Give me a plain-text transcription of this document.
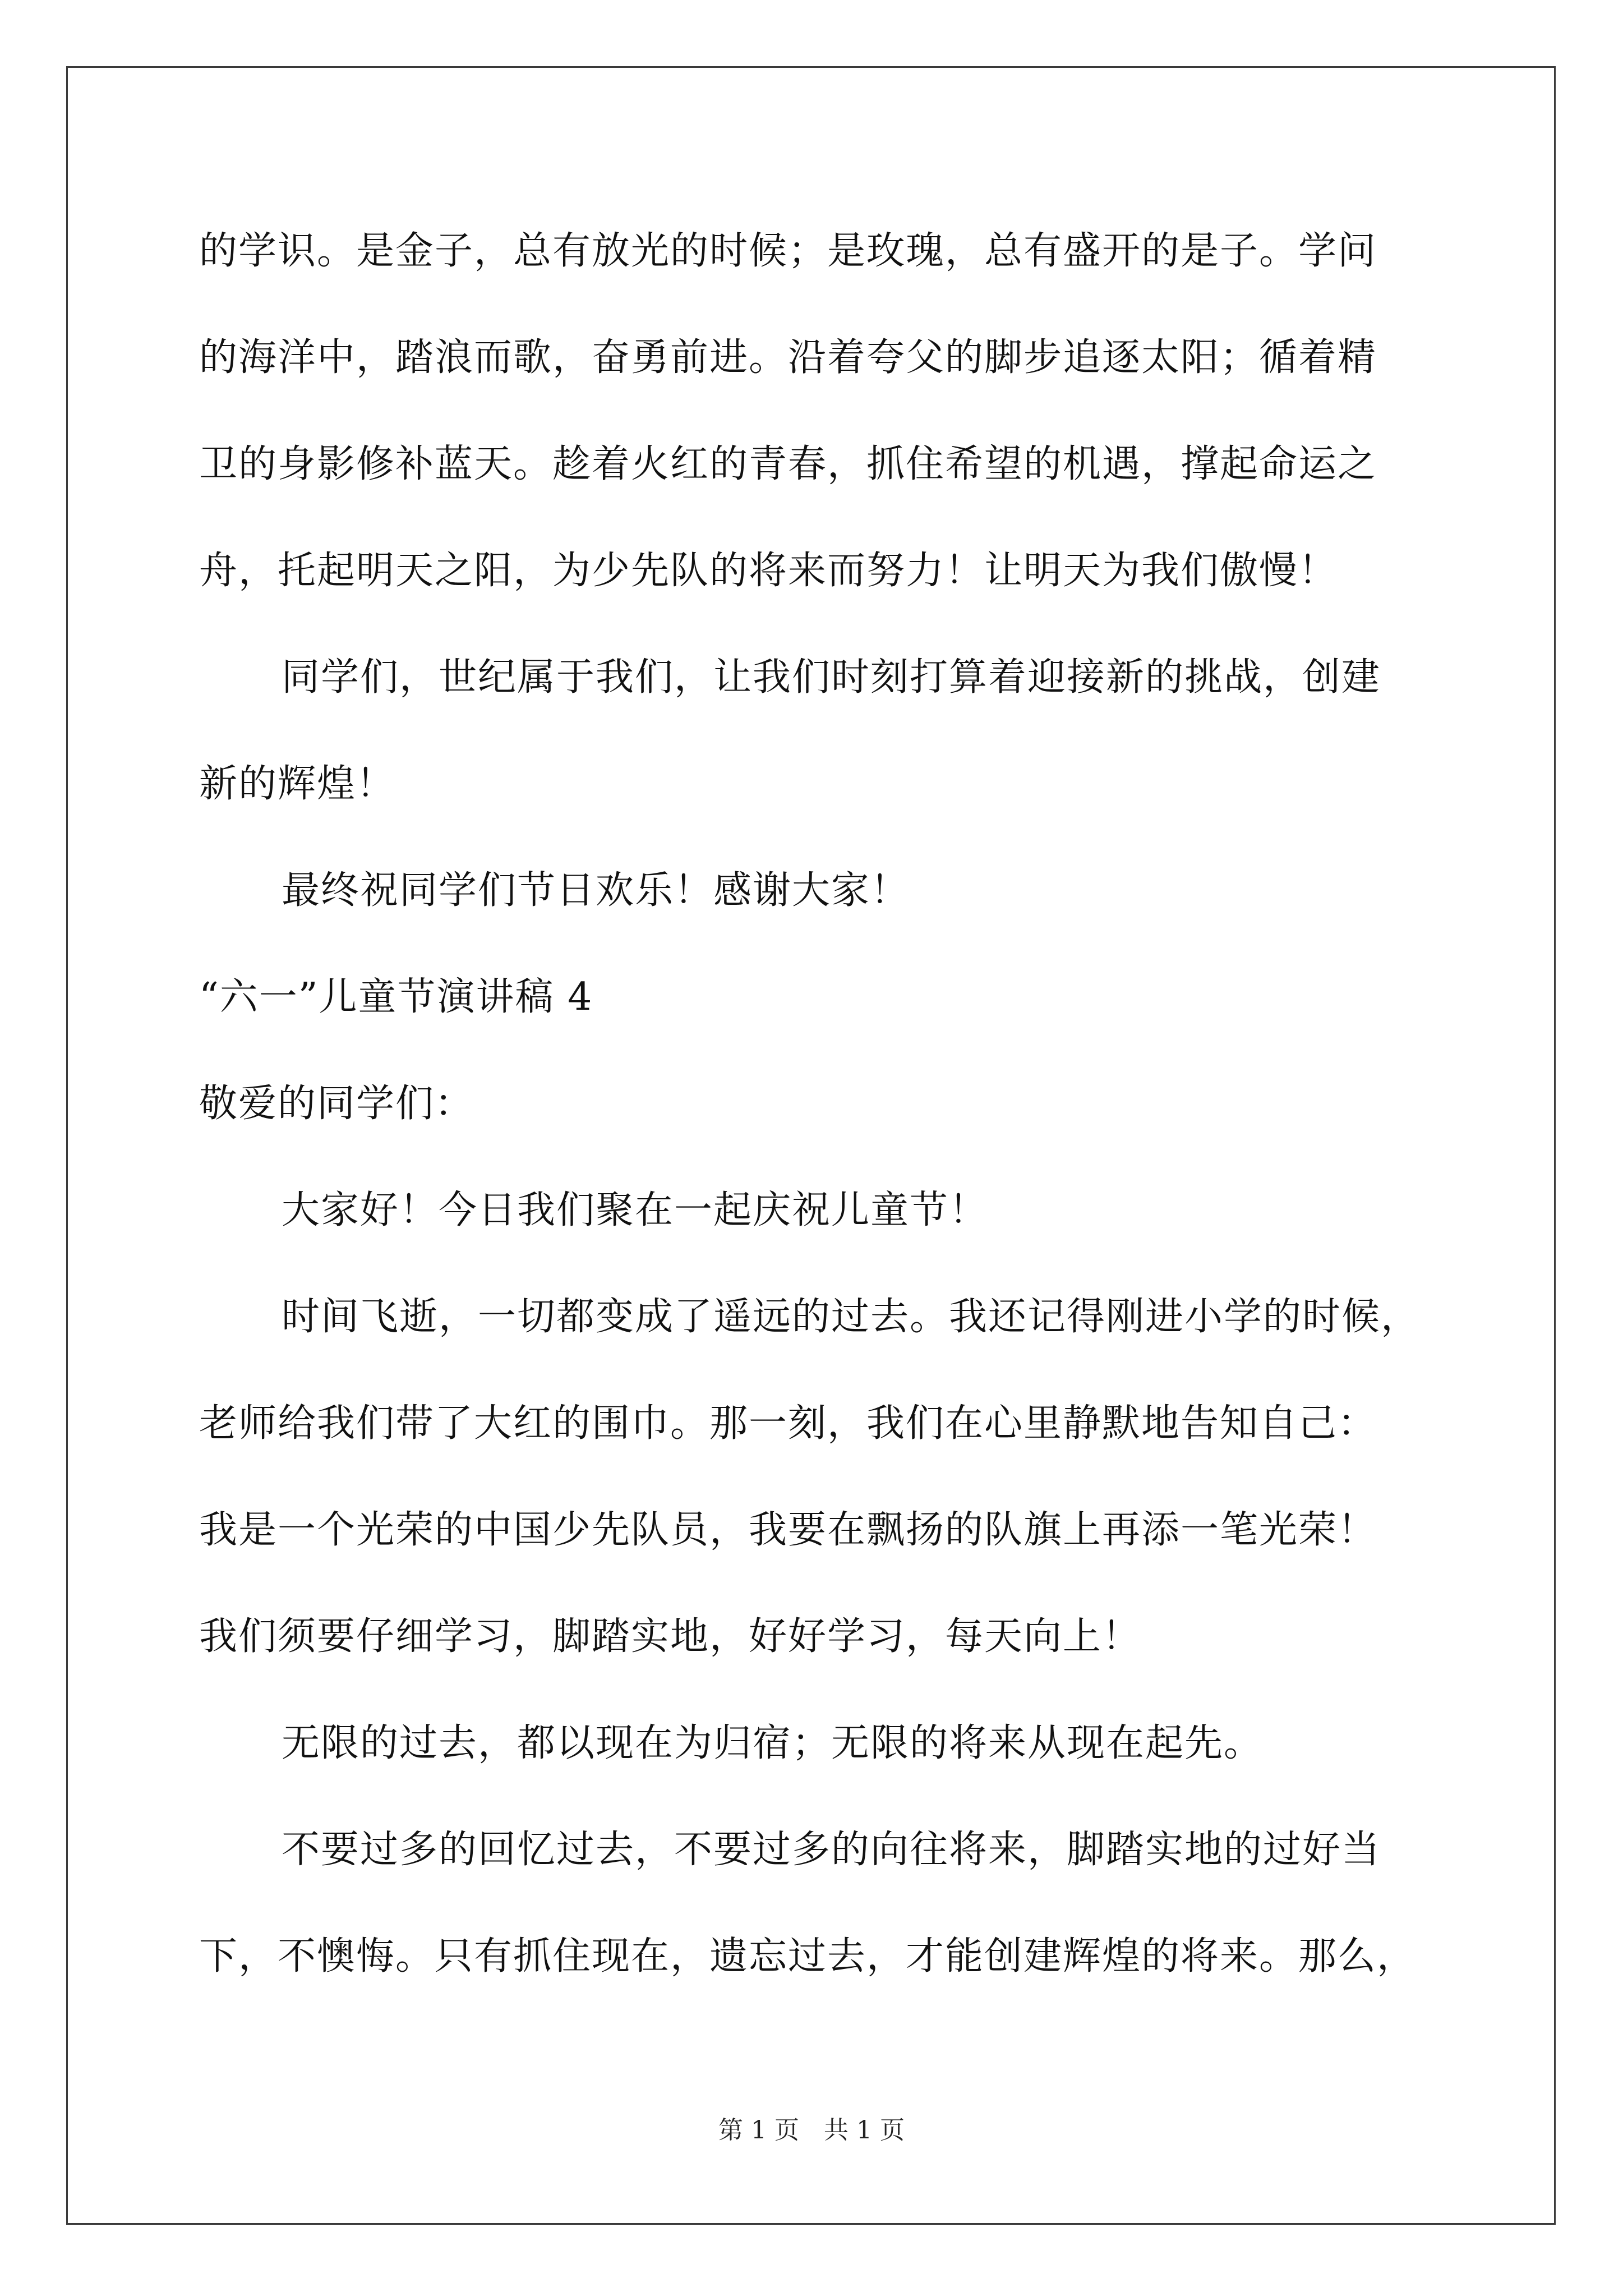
的学识。是金子，总有放光的时候；是玫瑰，总有盛开的是子。学问
的海洋中，踏浪而歌，奋勇前进。沿着夸父的脚步追逐太阳；循着精
卫的身影修补蓝天。趁着火红的青春，抓住希望的机遇，撑起命运之
舟，托起明天之阳，为少先队的将来而努力！让明天为我们傲慢！
同学们，世纪属于我们，让我们时刻打算着迎接新的挑战，创建
新的辉煌！
最终祝同学们节日欢乐！感谢大家！
“六一”儿童节演讲稿 4
敬爱的同学们：
大家好！今日我们聚在一起庆祝儿童节！
时间飞逝，一切都变成了遥远的过去。我还记得刚进小学的时候，
老师给我们带了大红的围巾。那一刻，我们在心里静默地告知自己：
我是一个光荣的中国少先队员，我要在飘扬的队旗上再添一笔光荣！
我们须要仔细学习，脚踏实地，好好学习，每天向上！
无限的过去，都以现在为归宿；无限的将来从现在起先。
不要过多的回忆过去，不要过多的向往将来，脚踏实地的过好当
下，不懊悔。只有抓住现在，遗忘过去，才能创建辉煌的将来。那么，
第 1 页　共 1 页
